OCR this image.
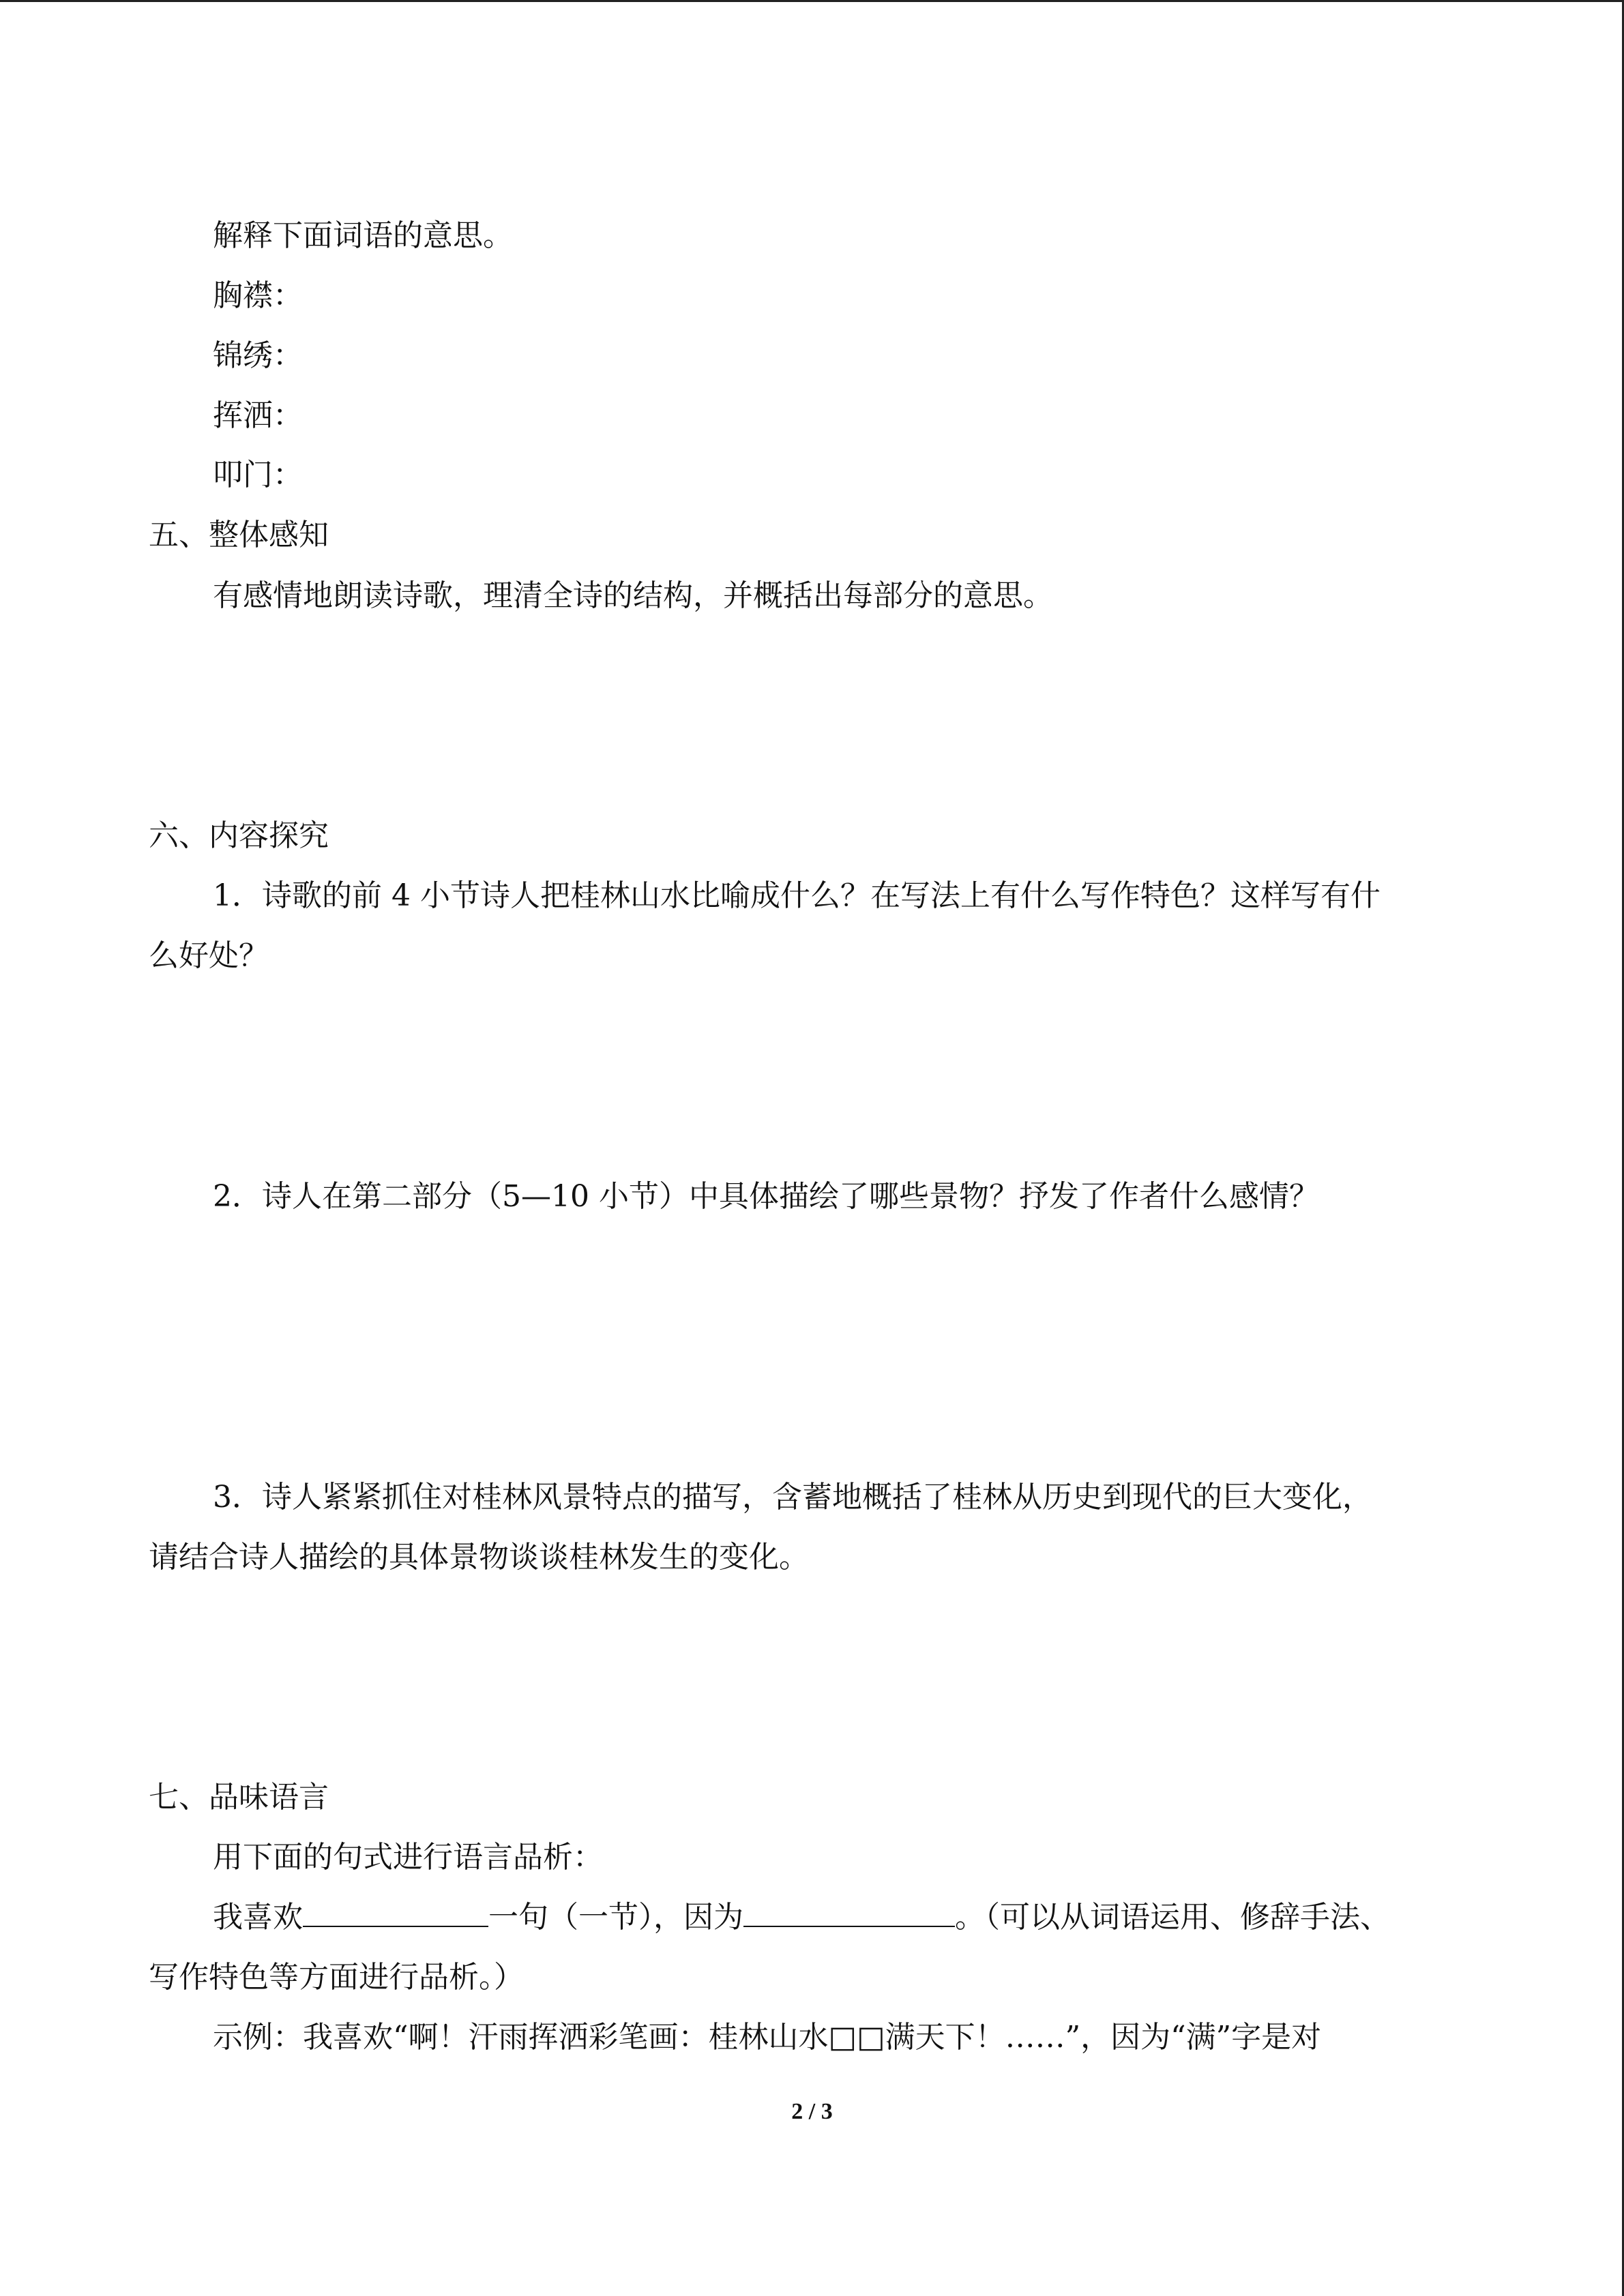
解释下面词语的意思。
胸襟：
锦绣：
挥洒：
叩门：
五、整体感知
有感情地朗读诗歌，理清全诗的结构，并概括出每部分的意思。
六、内容探究
1．诗歌的前 4 小节诗人把桂林山水比喻成什么？在写法上有什么写作特色？这样写有什
么好处？
2．诗人在第二部分（5—10 小节）中具体描绘了哪些景物？抒发了作者什么感情？
3．诗人紧紧抓住对桂林风景特点的描写，含蓄地概括了桂林从历史到现代的巨大变化，
请结合诗人描绘的具体景物谈谈桂林发生的变化。
七、品味语言
用下面的句式进行语言品析：
我喜欢	一句（一节），因为	。（可以从词语运用、修辞手法、
写作特色等方面进行品析。）
示例：我喜欢“啊！汗雨挥洒彩笔画：桂林山水□□满天下！……”，因为“满”字是对
2 / 3
